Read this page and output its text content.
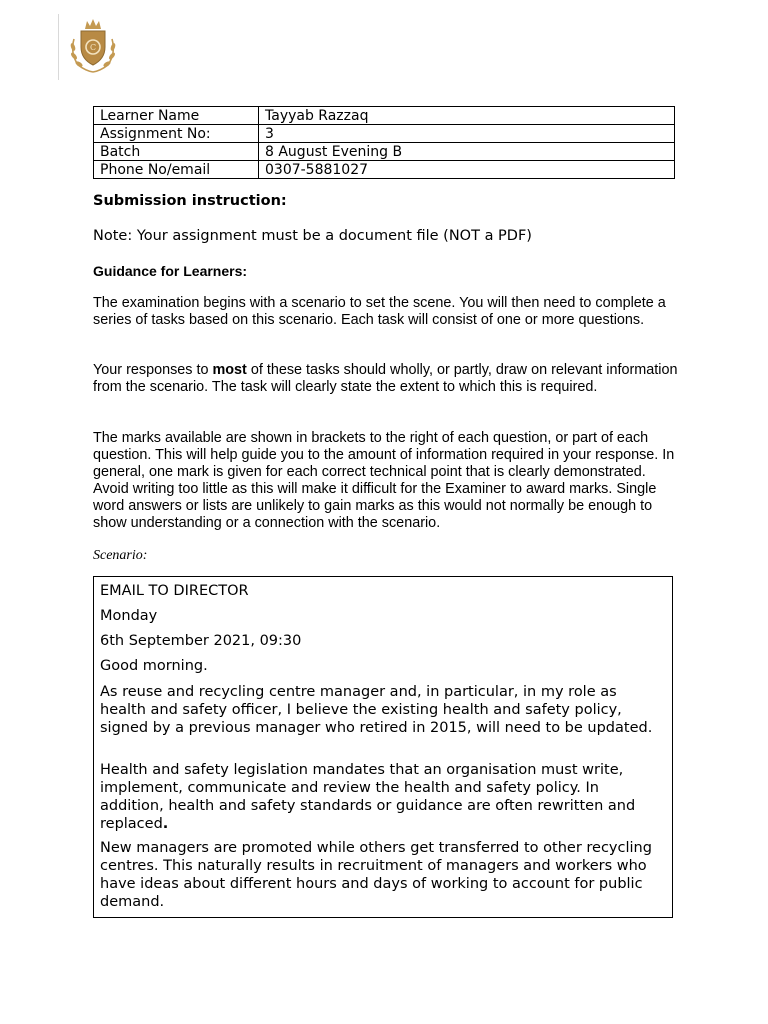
C
Learner Name	Tayyab Razzaq
Assignment No:	3
Batch	8 August Evening B
Phone No/email	0307-5881027
Submission instruction:
Note: Your assignment must be a document file (NOT a PDF)
Guidance for Learners:
The examination begins with a scenario to set the scene. You will then need to complete a series of tasks based on this scenario. Each task will consist of one or more questions.
Your responses to most of these tasks should wholly, or partly, draw on relevant information from the scenario. The task will clearly state the extent to which this is required.
The marks available are shown in brackets to the right of each question, or part of each question. This will help guide you to the amount of information required in your response. In general, one mark is given for each correct technical point that is clearly demonstrated. Avoid writing too little as this will make it difficult for the Examiner to award marks. Single word answers or lists are unlikely to gain marks as this would not normally be enough to show understanding or a connection with the scenario.
Scenario:
EMAIL TO DIRECTOR
Monday
6th September 2021, 09:30
Good morning.
As reuse and recycling centre manager and, in particular, in my role as health and safety officer, I believe the existing health and safety policy, signed by a previous manager who retired in 2015, will need to be updated.
Health and safety legislation mandates that an organisation must write, implement, communicate and review the health and safety policy. In addition, health and safety standards or guidance are often rewritten and replaced.
New managers are promoted while others get transferred to other recycling centres. This naturally results in recruitment of managers and workers who have ideas about different hours and days of working to account for public demand.
